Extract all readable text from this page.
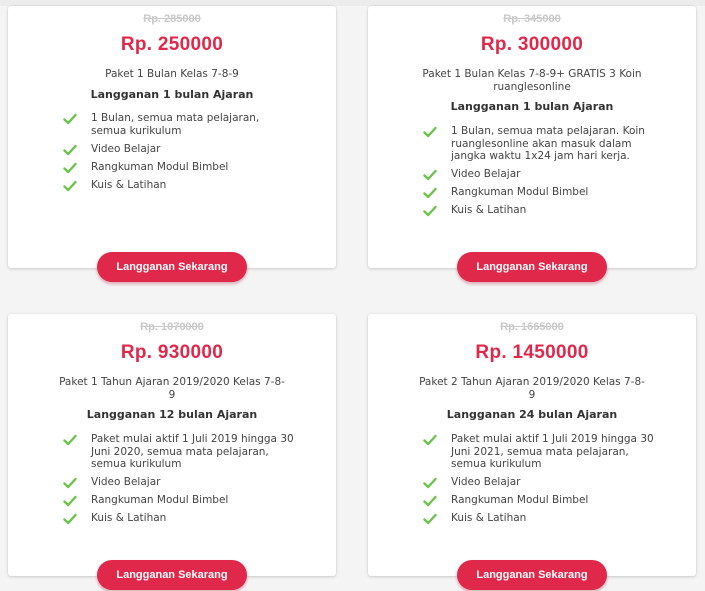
Rp. 285000
Rp. 250000
Paket 1 Bulan Kelas 7-8-9
Langganan 1 bulan Ajaran
1 Bulan, semua mata pelajaran, semua kurikulum
Video Belajar
Rangkuman Modul Bimbel
Kuis & Latihan
Langganan Sekarang
Rp. 345000
Rp. 300000
Paket 1 Bulan Kelas 7-8-9+ GRATIS 3 Koin ruanglesonline
Langganan 1 bulan Ajaran
1 Bulan, semua mata pelajaran. Koin ruanglesonline akan masuk dalam jangka waktu 1x24 jam hari kerja.
Video Belajar
Rangkuman Modul Bimbel
Kuis & Latihan
Langganan Sekarang
Rp. 1070000
Rp. 930000
Paket 1 Tahun Ajaran 2019/2020 Kelas 7-8-9
Langganan 12 bulan Ajaran
Paket mulai aktif 1 Juli 2019 hingga 30 Juni 2020, semua mata pelajaran, semua kurikulum
Video Belajar
Rangkuman Modul Bimbel
Kuis & Latihan
Langganan Sekarang
Rp. 1665000
Rp. 1450000
Paket 2 Tahun Ajaran 2019/2020 Kelas 7-8-9
Langganan 24 bulan Ajaran
Paket mulai aktif 1 Juli 2019 hingga 30 Juni 2021, semua mata pelajaran, semua kurikulum
Video Belajar
Rangkuman Modul Bimbel
Kuis & Latihan
Langganan Sekarang
